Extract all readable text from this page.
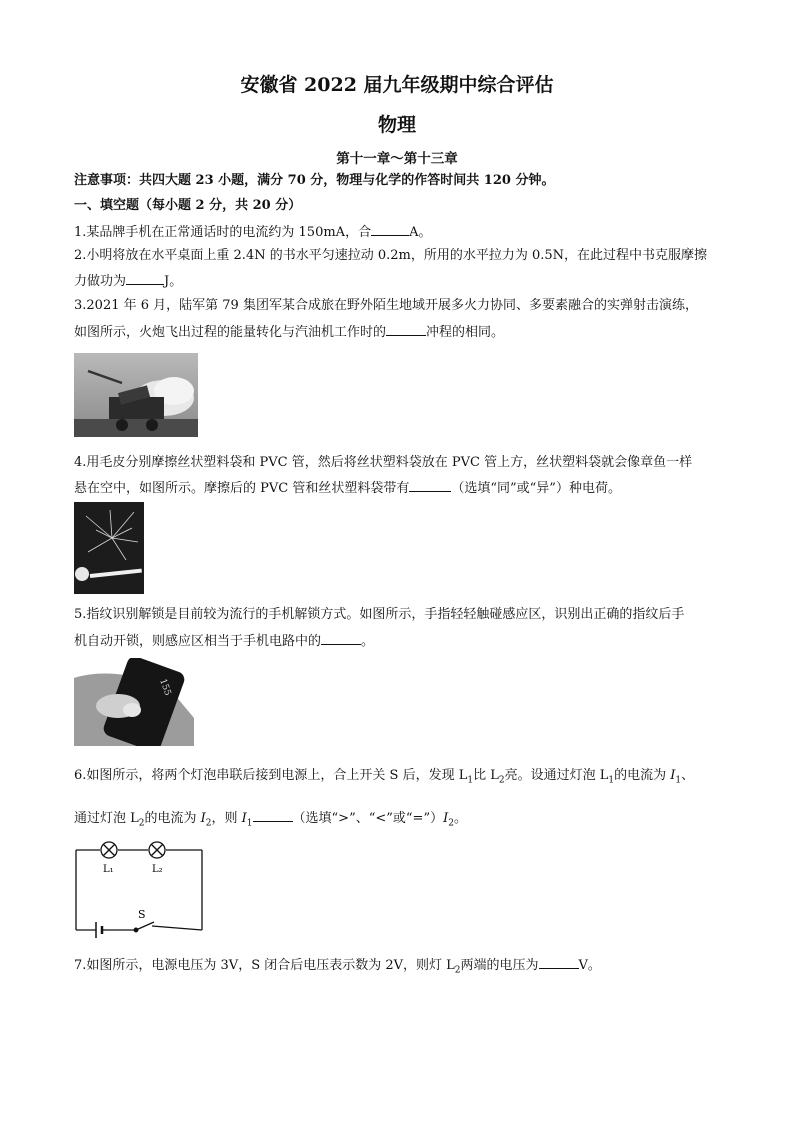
安徽省 2022 届九年级期中综合评估
物理
第十一章～第十三章
注意事项：共四大题 23 小题，满分 70 分，物理与化学的作答时间共 120 分钟。
一、填空题（每小题 2 分，共 20 分）
1.某品牌手机在正常通话时的电流约为 150mA，合	A。
2.小明将放在水平桌面上重 2.4N 的书水平匀速拉动 0.2m，所用的水平拉力为 0.5N，在此过程中书克服摩擦
力做功为	J。
3.2021 年 6 月，陆军第 79 集团军某合成旅在野外陌生地域开展多火力协同、多要素融合的实弹射击演练，
如图所示，火炮飞出过程的能量转化与汽油机工作时的	冲程的相同。
4.用毛皮分别摩擦丝状塑料袋和 PVC 管，然后将丝状塑料袋放在 PVC 管上方，丝状塑料袋就会像章鱼一样
悬在空中，如图所示。摩擦后的 PVC 管和丝状塑料袋带有	（选填“同”或“异”）种电荷。
5.指纹识别解锁是目前较为流行的手机解锁方式。如图所示，手指轻轻触碰感应区，识别出正确的指纹后手
机自动开锁，则感应区相当于手机电路中的	。
155
6.如图所示，将两个灯泡串联后接到电源上，合上开关 S 后，发现 $L_1$比 $L_2$亮。设通过灯泡 $L_1$的电流为 $I_1$、
通过灯泡 $L_2$的电流为 $I_2$，则 $I_1$	（选填“>”、“<”或“$=”)I_2$。
L₁	L₂
S
7.如图所示，电源电压为 3V，S 闭合后电压表示数为 2V，则灯 $L_2$两端的电压为	V。
